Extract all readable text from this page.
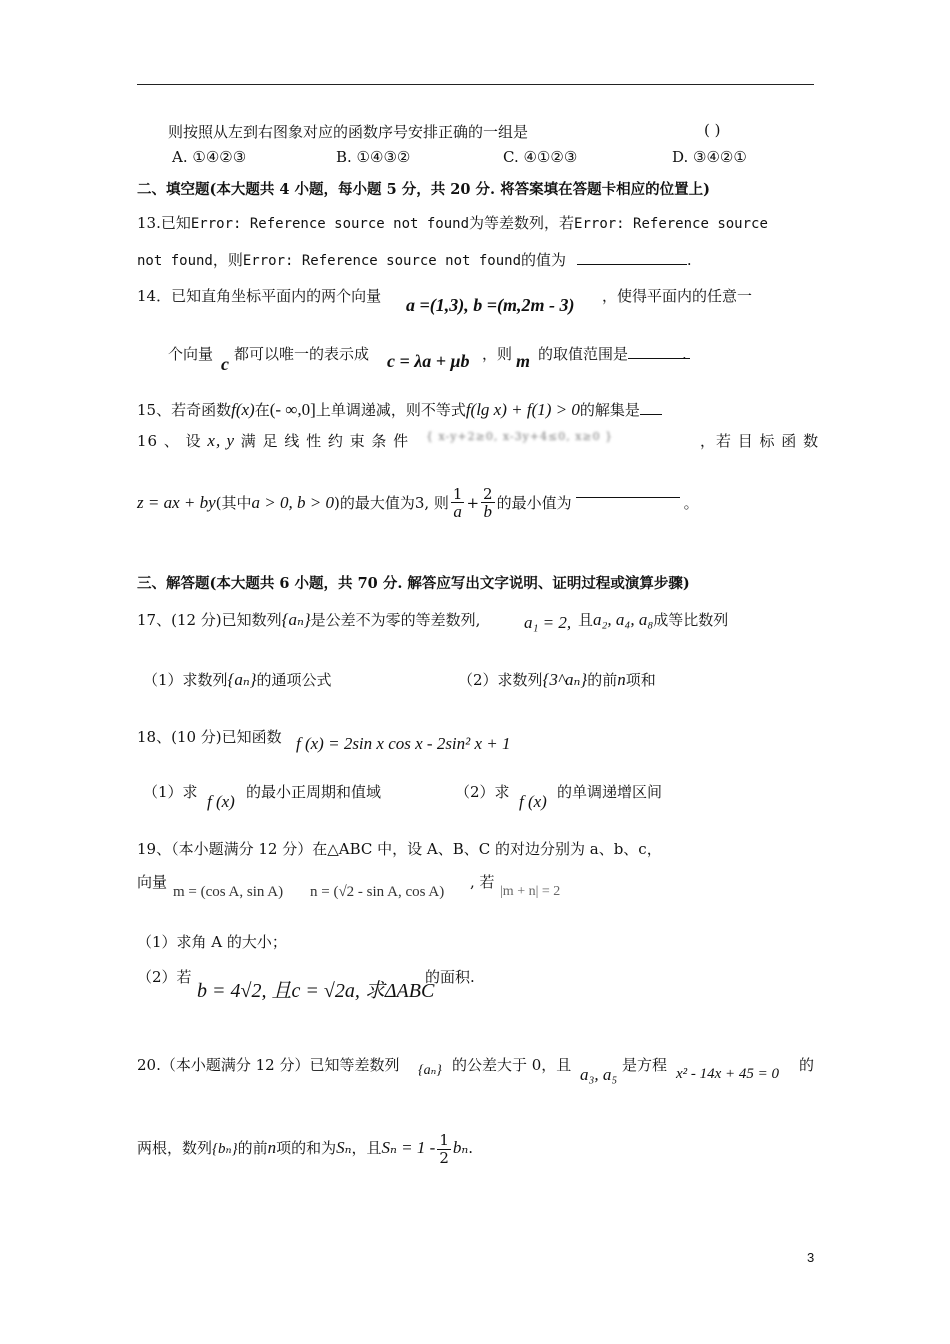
则按照从左到右图象对应的函数序号安排正确的一组是	( )
A. ①④②③	B. ①④③②	C. ④①②③	D. ③④②①
二、填空题(本大题共 4 小题，每小题 5 分，共 20 分. 将答案填在答题卡相应的位置上)
13.已知Error: Reference source not found为等差数列，若Error: Reference source
not found，则Error: Reference source not found的值为	.
14．已知直角坐标平面内的两个向量 a =(1,3), b =(m,2m - 3) ，使得平面内的任意一
个向量 c 都可以唯一的表示成 c = λa + μb ，则 m 的取值范围是	.
15、若奇函数f(x)在(- ∞,0]上单调递减，则不等式f(lg x) + f(1) > 0的解集是
16 、 设 x, y 满 足 线 性 约 束 条 件 { x-y+2≥0, x-3y+4≤0, x≥0 }	，若 目 标 函 数
z = ax + by(其中a > 0, b > 0)的最大值为3, 则 $\frac{1}{a} + \frac{2}{b}$ 的最小值为	。
三、解答题(本大题共 6 小题，共 70 分. 解答应写出文字说明、证明过程或演算步骤)
17、(12 分)已知数列{aₙ}是公差不为零的等差数列,	a₁ = 2, 且a₂, a₄, a₈成等比数列
（1）求数列{aₙ}的通项公式	（2）求数列{3^aₙ}的前n项和
18、(10 分)已知函数 f (x) = 2sin x cos x - 2sin² x + 1
（1）求 f (x) 的最小正周期和值域	（2）求 f (x) 的单调递增区间
19、（本小题满分 12 分）在△ABC 中，设 A、B、C 的对边分别为 a、b、c，
向量
m = (cos A, sin A) n = (√2 - sin A, cos A)
, 若
|m + n| = 2
（1）求角 A 的大小；
（2）若
b = 4√2, 且c = √2a, 求ΔABC
的面积.
20.（本小题满分 12 分）已知等差数列 {aₙ} 的公差大于 0，且 a₃, a₅ 是方程 x² - 14x + 45 = 0 的
两根，数列{bₙ}的前n项的和为Sₙ，且$S_n = 1 - \frac{1}{2} b_n$.
3
